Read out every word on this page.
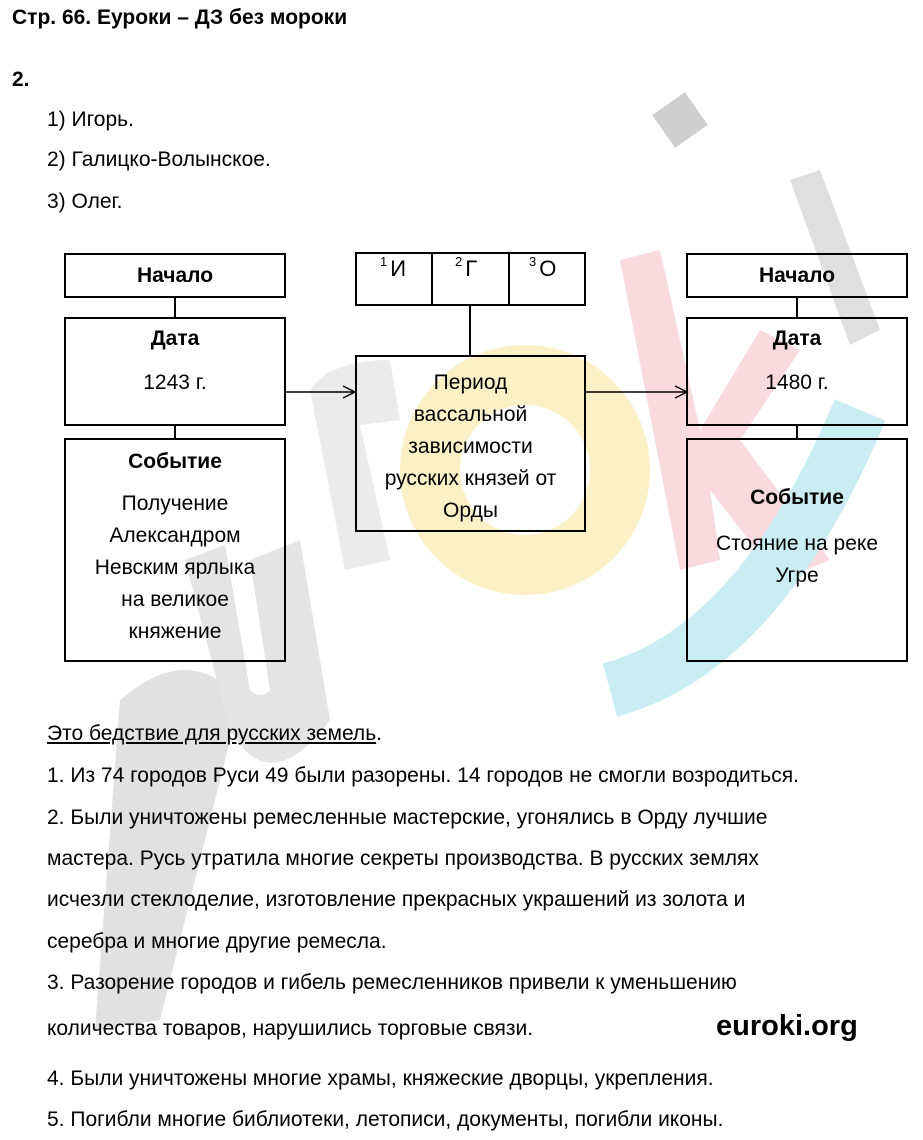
Стр. 66. Еуроки – ДЗ без мороки
2.
1) Игорь.
2) Галицко-Волынское.
3) Олег.
Начало
Дата
1243 г.
Событие
Получение
Александром
Невским ярлыка
на великое
княжение
$^1$ И	$^2$ Г	$^3$ О
Период
вассальной
зависимости
русских князей от
Орды
Начало
Дата
1480 г.
Событие
Стояние на реке
Угре
Это бедствие для русских земель.
1. Из 74 городов Руси 49 были разорены. 14 городов не смогли возродиться.
2. Были уничтожены ремесленные мастерские, угонялись в Орду лучшие
мастера. Русь утратила многие секреты производства. В русских землях
исчезли стеклоделие, изготовление прекрасных украшений из золота и
серебра и многие другие ремесла.
3. Разорение городов и гибель ремесленников привели к уменьшению
количества товаров, нарушились торговые связи.	euroki.org
4. Были уничтожены многие храмы, княжеские дворцы, укрепления.
5. Погибли многие библиотеки, летописи, документы, погибли иконы.
